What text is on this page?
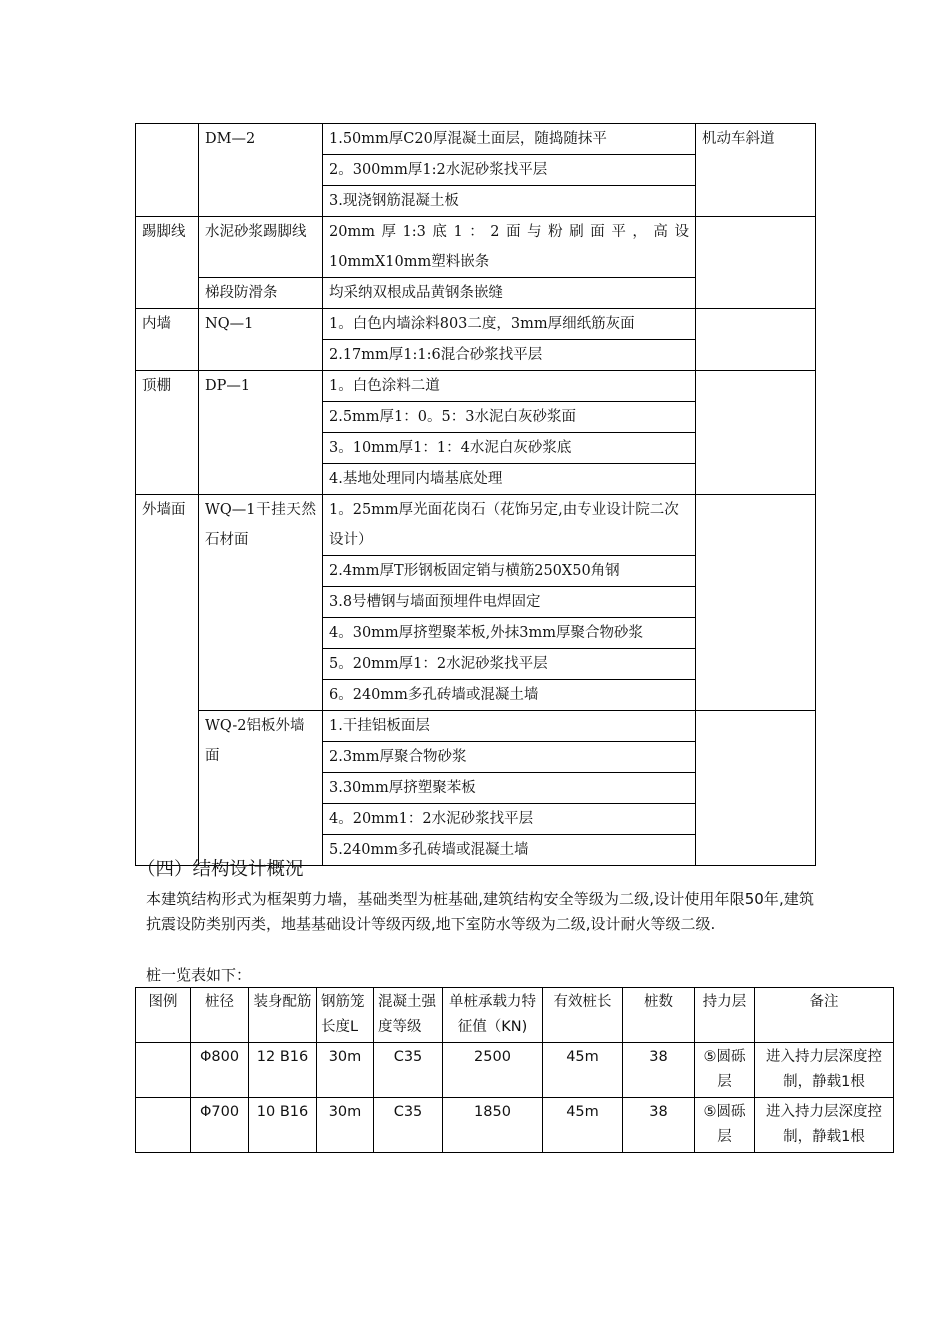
	DM—2	1.50mm厚C20厚混凝土面层，随捣随抹平	机动车斜道
		2。300mm厚1:2水泥砂浆找平层	
		3.现浇钢筋混凝土板	
踢脚线	水泥砂浆踢脚线	20mm厚1:3底1：2面与粉刷面平，高设10mmX10mm塑料嵌条	
	梯段防滑条	均采纳双根成品黄钢条嵌缝	
内墙	NQ—1	1。白色内墙涂料803二度，3mm厚细纸筋灰面	
		2.17mm厚1:1:6混合砂浆找平层	
顶棚	DP—1	1。白色涂料二道	
		2.5mm厚1：0。5：3水泥白灰砂浆面	
		3。10mm厚1：1：4水泥白灰砂浆底	
		4.基地处理同内墙基底处理	
外墙面	WQ—1干挂天然石材面	1。25mm厚光面花岗石（花饰另定,由专业设计院二次设计）	
		2.4mm厚T形钢板固定销与横筋250X50角钢	
		3.8号槽钢与墙面预埋件电焊固定	
		4。30mm厚挤塑聚苯板,外抹3mm厚聚合物砂浆	
		5。20mm厚1：2水泥砂浆找平层	
		6。240mm多孔砖墙或混凝土墙	
	WQ-2铝板外墙面	1.干挂铝板面层	
		2.3mm厚聚合物砂浆	
		3.30mm厚挤塑聚苯板	
		4。20mm1：2水泥砂浆找平层	
		5.240mm多孔砖墙或混凝土墙	
（四）结构设计概况
本建筑结构形式为框架剪力墙，基础类型为桩基础,建筑结构安全等级为二级,设计使用年限50年,建筑抗震设防类别丙类，地基基础设计等级丙级,地下室防水等级为二级,设计耐火等级二级.
桩一览表如下：
图例	桩径	装身配筋	钢筋笼长度L	混凝土强度等级	单桩承载力特征值（KN)	有效桩长	桩数	持力层	备注
	Φ800	12 B16	30m	C35	2500	45m	38	⑤圆砾层	进入持力层深度控制，静载1根
	Φ700	10 B16	30m	C35	1850	45m	38	⑤圆砾层	进入持力层深度控制，静载1根
